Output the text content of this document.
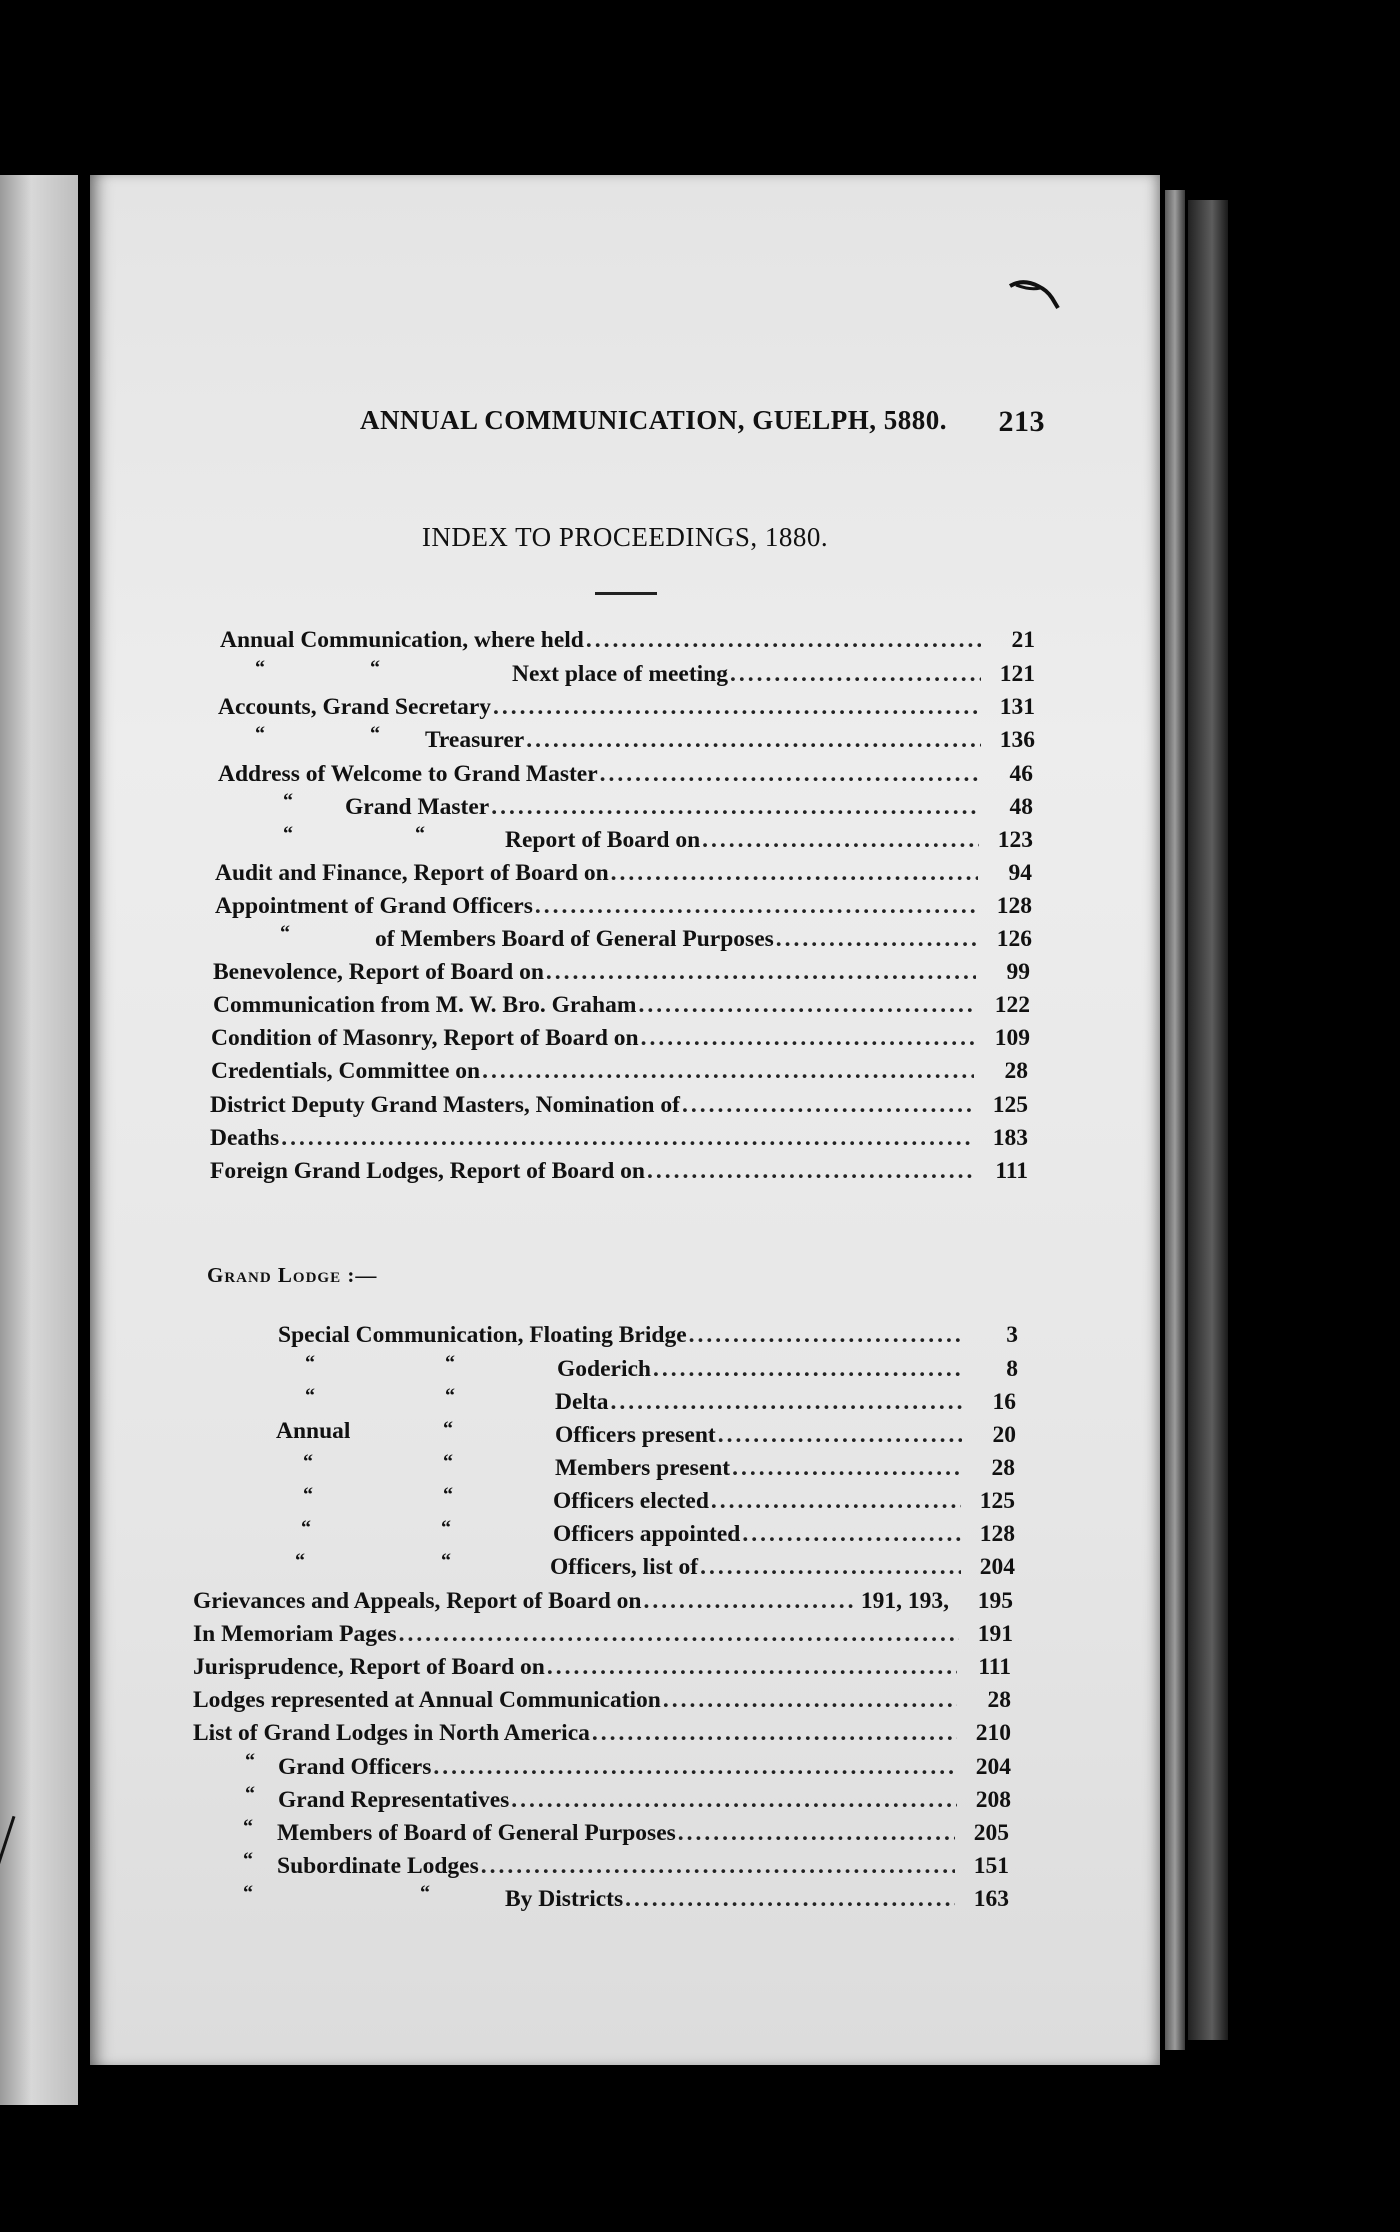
ANNUAL COMMUNICATION, GUELPH, 5880. 213
INDEX TO PROCEEDINGS, 1880.
Annual Communication, where held .....	21
“	“	Next place of meeting .....	121
Accounts, Grand Secretary .....	131
“	“ Treasurer .....	136
Address of Welcome to Grand Master .....	46
“ Grand Master .....	48
“	“	Report of Board on .....	123
Audit and Finance, Report of Board on .....	94
Appointment of Grand Officers .....	128
“	of Members Board of General Purposes .....	126
Benevolence, Report of Board on .....	99
Communication from M. W. Bro. Graham .....	122
Condition of Masonry, Report of Board on .....	109
Credentials, Committee on .....	28
District Deputy Grand Masters, Nomination of .....	125
Deaths .....	183
Foreign Grand Lodges, Report of Board on .....	111
Grand Lodge :—
Special Communication, Floating Bridge .....	3
“	“	Goderich .....	8
“	“	Delta .....	16
Annual	“	Officers present .....	20
“	“	Members present .....	28
“	“	Officers elected .....	125
“	“	Officers appointed .....	128
“	“	Officers, list of .....	204
Grievances and Appeals, Report of Board on .....	191, 193,	195
In Memoriam Pages .....	191
Jurisprudence, Report of Board on .....	111
Lodges represented at Annual Communication .....	28
List of Grand Lodges in North America .....	210
“ Grand Officers .....	204
“ Grand Representatives .....	208
“ Members of Board of General Purposes .....	205
“ Subordinate Lodges .....	151
“	“	By Districts .....	163
